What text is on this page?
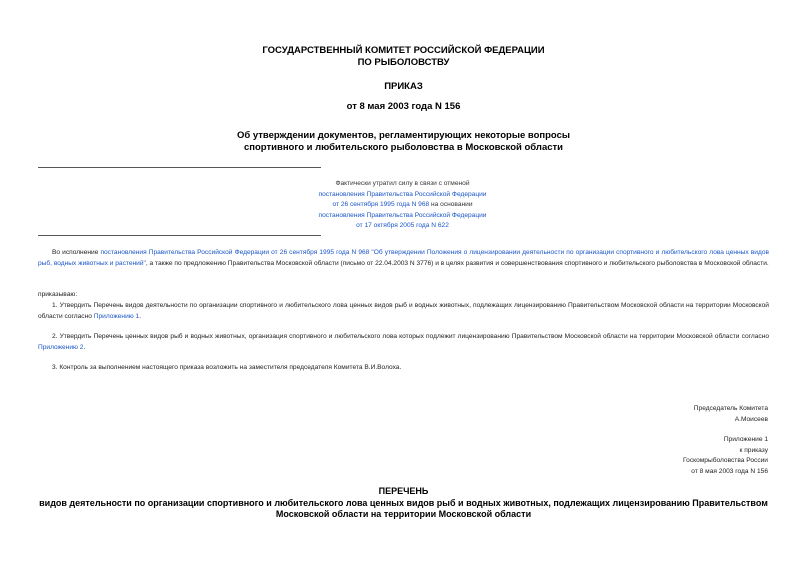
ГОСУДАРСТВЕННЫЙ КОМИТЕТ РОССИЙСКОЙ ФЕДЕРАЦИИ
ПО РЫБОЛОВСТВУ
ПРИКАЗ
от 8 мая 2003 года N 156
Об утверждении документов, регламентирующих некоторые вопросы
спортивного и любительского рыболовства в Московской области
Фактически утратил силу в связи с отменой
постановления Правительства Российской Федерации
от 26 сентября 1995 года N 968 на основании
постановления Правительства Российской Федерации
от 17 октября 2005 года N 622
Во исполнение постановления Правительства Российской Федерации от 26 сентября 1995 года N 968 "Об утверждении Положения о лицензировании деятельности по организации спортивного и любительского лова ценных видов рыб, водных животных и растений", а также по предложению Правительства Московской области (письмо от 22.04.2003 N 3776) и в целях развития и совершенствования спортивного и любительского рыболовства в Московской области.
приказываю:
1. Утвердить Перечень видов деятельности по организации спортивного и любительского лова ценных видов рыб и водных животных, подлежащих лицензированию Правительством Московской области на территории Московской области согласно Приложению 1.
2. Утвердить Перечень ценных видов рыб и водных животных, организация спортивного и любительского лова которых подлежит лицензированию Правительством Московской области на территории Московской области согласно Приложению 2.
3. Контроль за выполнением настоящего приказа возложить на заместителя председателя Комитета В.И.Волоха.
Председатель Комитета
А.Моисеев
Приложение 1
к приказу
Госкомрыболовства России
от 8 мая 2003 года N 156
ПЕРЕЧЕНЬ
видов деятельности по организации спортивного и любительского лова ценных видов рыб и водных животных, подлежащих лицензированию Правительством
Московской области на территории Московской области
